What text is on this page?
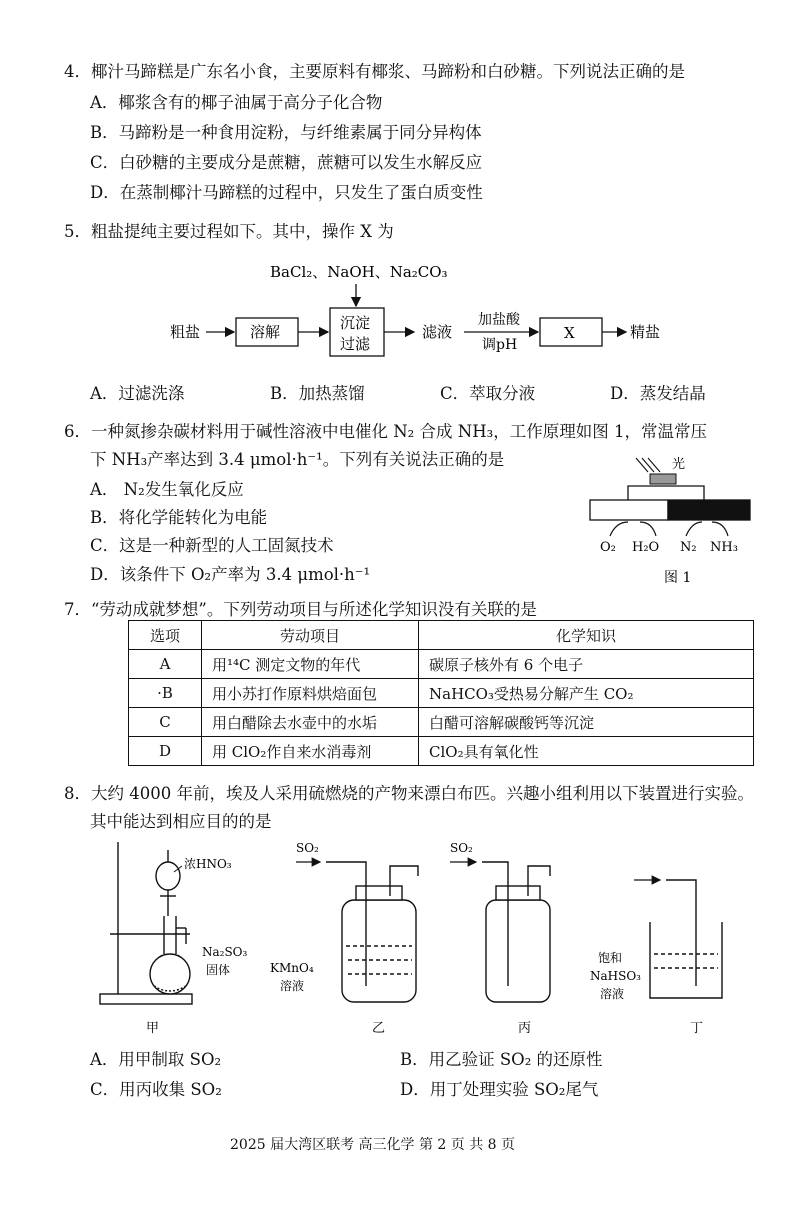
4．椰汁马蹄糕是广东名小食，主要原料有椰浆、马蹄粉和白砂糖。下列说法正确的是
A．椰浆含有的椰子油属于高分子化合物
B．马蹄粉是一种食用淀粉，与纤维素属于同分异构体
C．白砂糖的主要成分是蔗糖，蔗糖可以发生水解反应
D．在蒸制椰汁马蹄糕的过程中，只发生了蛋白质变性
5．粗盐提纯主要过程如下。其中，操作 X 为
BaCl₂、NaOH、Na₂CO₃
粗盐	溶解	沉淀
过滤
滤液
加盐酸
调pH
X	精盐
A．过滤洗涤	B．加热蒸馏	C．萃取分液	D．蒸发结晶
6．一种氮掺杂碳材料用于碱性溶液中电催化 N₂ 合成 NH₃，工作原理如图 1，常温常压
下 NH₃产率达到 3.4 μmol·h⁻¹。下列有关说法正确的是
A． N₂发生氧化反应
B．将化学能转化为电能
C．这是一种新型的人工固氮技术
D．该条件下 O₂产率为 3.4 μmol·h⁻¹
光
O₂ H₂O N₂ NH₃
图 1
7．“劳动成就梦想”。下列劳动项目与所述化学知识没有关联的是
选项	劳动项目	化学知识
A	用¹⁴C 测定文物的年代	碳原子核外有 6 个电子
·B	用小苏打作原料烘焙面包	NaHCO₃受热易分解产生 CO₂
C	用白醋除去水壶中的水垢	白醋可溶解碳酸钙等沉淀
D	用 ClO₂作自来水消毒剂	ClO₂具有氧化性
8．大约 4000 年前，埃及人采用硫燃烧的产物来漂白布匹。兴趣小组利用以下装置进行实验。
其中能达到相应目的的是
浓HNO₃
Na₂SO₃
固体
甲
SO₂
KMnO₄
溶液
乙
SO₂
丙
饱和
NaHSO₃
溶液
丁
A．用甲制取 SO₂	B．用乙验证 SO₂ 的还原性
C．用丙收集 SO₂	D．用丁处理实验 SO₂尾气
2025 届大湾区联考 高三化学 第 2 页 共 8 页
